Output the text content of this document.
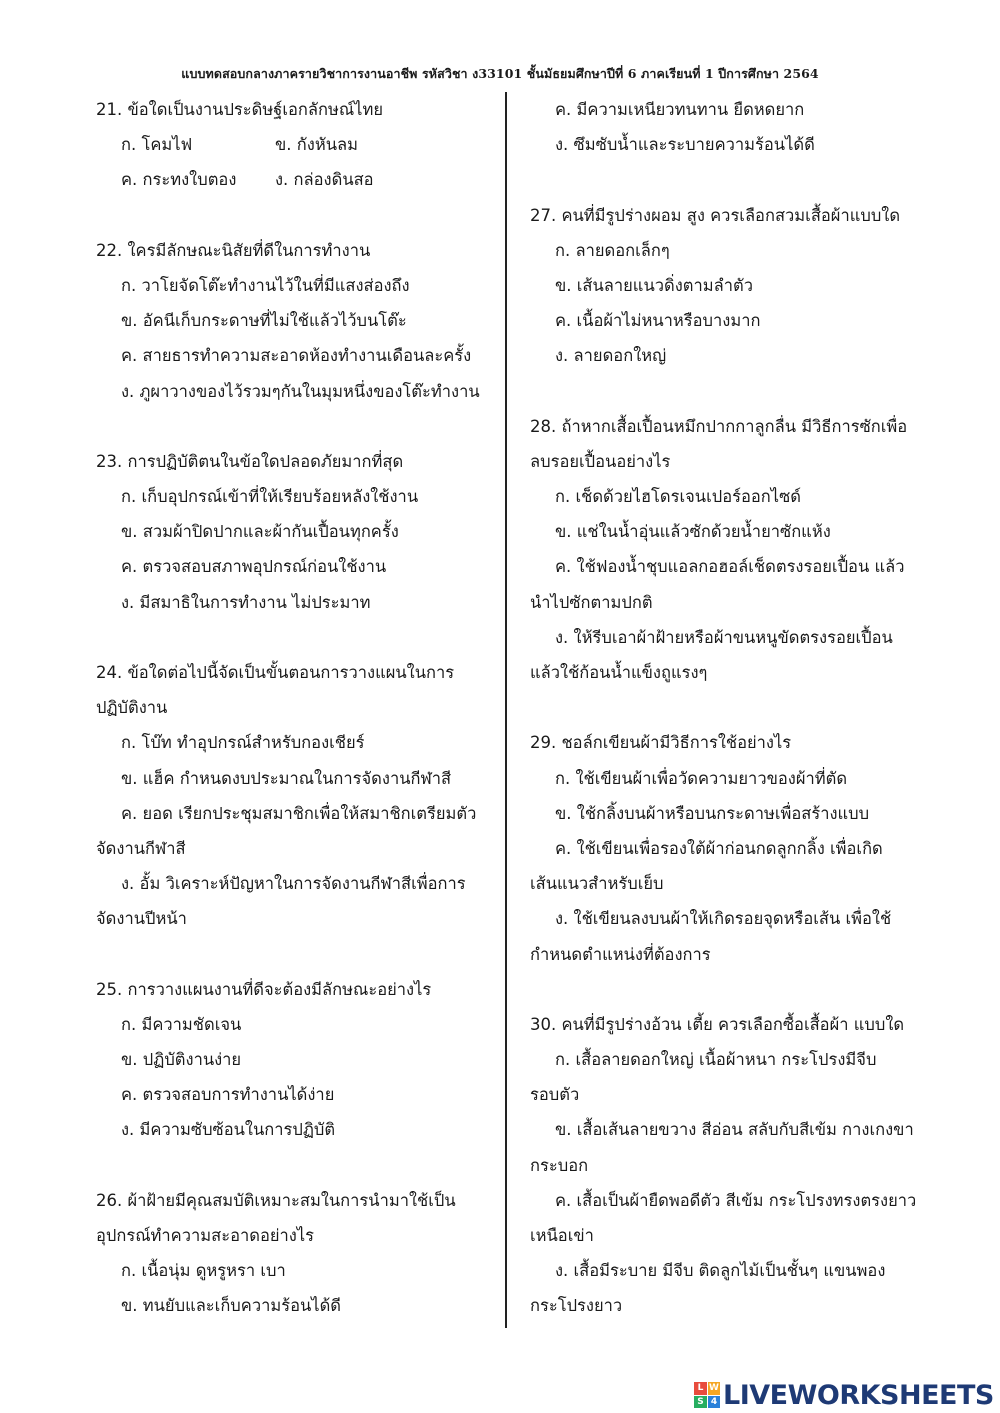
แบบทดสอบกลางภาครายวิชาการงานอาชีพ รหัสวิชา ง33101 ชั้นมัธยมศึกษาปีที่ 6 ภาคเรียนที่ 1 ปีการศึกษา 2564
21. ข้อใดเป็นงานประดิษฐ์เอกลักษณ์ไทย
ก. โคมไฟ	ข. กังหันลม
ค. กระทงใบตอง	ง. กล่องดินสอ
22. ใครมีลักษณะนิสัยที่ดีในการทำงาน
ก. วาโยจัดโต๊ะทำงานไว้ในที่มีแสงส่องถึง
ข. อัคนีเก็บกระดาษที่ไม่ใช้แล้วไว้บนโต๊ะ
ค. สายธารทำความสะอาดห้องทำงานเดือนละครั้ง
ง. ภูผาวางของไว้รวมๆกันในมุมหนึ่งของโต๊ะทำงาน
23. การปฏิบัติตนในข้อใดปลอดภัยมากที่สุด
ก. เก็บอุปกรณ์เข้าที่ให้เรียบร้อยหลังใช้งาน
ข. สวมผ้าปิดปากและผ้ากันเปื้อนทุกครั้ง
ค. ตรวจสอบสภาพอุปกรณ์ก่อนใช้งาน
ง. มีสมาธิในการทำงาน ไม่ประมาท
24. ข้อใดต่อไปนี้จัดเป็นขั้นตอนการวางแผนในการ
ปฏิบัติงาน
ก. โบ๊ท ทำอุปกรณ์สำหรับกองเชียร์
ข. แฮ็ค กำหนดงบประมาณในการจัดงานกีฬาสี
ค. ยอด เรียกประชุมสมาชิกเพื่อให้สมาชิกเตรียมตัว
จัดงานกีฬาสี
ง. อั้ม วิเคราะห์ปัญหาในการจัดงานกีฬาสีเพื่อการ
จัดงานปีหน้า
25. การวางแผนงานที่ดีจะต้องมีลักษณะอย่างไร
ก. มีความชัดเจน
ข. ปฏิบัติงานง่าย
ค. ตรวจสอบการทำงานได้ง่าย
ง. มีความซับซ้อนในการปฏิบัติ
26. ผ้าฝ้ายมีคุณสมบัติเหมาะสมในการนำมาใช้เป็น
อุปกรณ์ทำความสะอาดอย่างไร
ก. เนื้อนุ่ม ดูหรูหรา เบา
ข. ทนยับและเก็บความร้อนได้ดี
ค. มีความเหนียวทนทาน ยืดหดยาก
ง. ซึมซับน้ำและระบายความร้อนได้ดี
27. คนที่มีรูปร่างผอม สูง ควรเลือกสวมเสื้อผ้าแบบใด
ก. ลายดอกเล็กๆ
ข. เส้นลายแนวดิ่งตามลำตัว
ค. เนื้อผ้าไม่หนาหรือบางมาก
ง. ลายดอกใหญ่
28. ถ้าหากเสื้อเปื้อนหมึกปากกาลูกลื่น มีวิธีการซักเพื่อ
ลบรอยเปื้อนอย่างไร
ก. เช็ดด้วยไฮโดรเจนเปอร์ออกไซด์
ข. แช่ในน้ำอุ่นแล้วซักด้วยน้ำยาซักแห้ง
ค. ใช้ฟองน้ำชุบแอลกอฮอล์เช็ดตรงรอยเปื้อน แล้ว
นำไปซักตามปกติ
ง. ให้รีบเอาผ้าฝ้ายหรือผ้าขนหนูขัดตรงรอยเปื้อน
แล้วใช้ก้อนน้ำแข็งถูแรงๆ
29. ชอล์กเขียนผ้ามีวิธีการใช้อย่างไร
ก. ใช้เขียนผ้าเพื่อวัดความยาวของผ้าที่ตัด
ข. ใช้กลิ้งบนผ้าหรือบนกระดาษเพื่อสร้างแบบ
ค. ใช้เขียนเพื่อรองใต้ผ้าก่อนกดลูกกลิ้ง เพื่อเกิด
เส้นแนวสำหรับเย็บ
ง. ใช้เขียนลงบนผ้าให้เกิดรอยจุดหรือเส้น เพื่อใช้
กำหนดตำแหน่งที่ต้องการ
30. คนที่มีรูปร่างอ้วน เตี้ย ควรเลือกซื้อเสื้อผ้า แบบใด
ก. เสื้อลายดอกใหญ่ เนื้อผ้าหนา กระโปรงมีจีบ
รอบตัว
ข. เสื้อเส้นลายขวาง สีอ่อน สลับกับสีเข้ม กางเกงขา
กระบอก
ค. เสื้อเป็นผ้ายืดพอดีตัว สีเข้ม กระโปรงทรงตรงยาว
เหนือเข่า
ง. เสื้อมีระบาย มีจีบ ติดลูกไม้เป็นชั้นๆ แขนพอง
กระโปรงยาว
L W
S 4 LIVEWORKSHEETS
